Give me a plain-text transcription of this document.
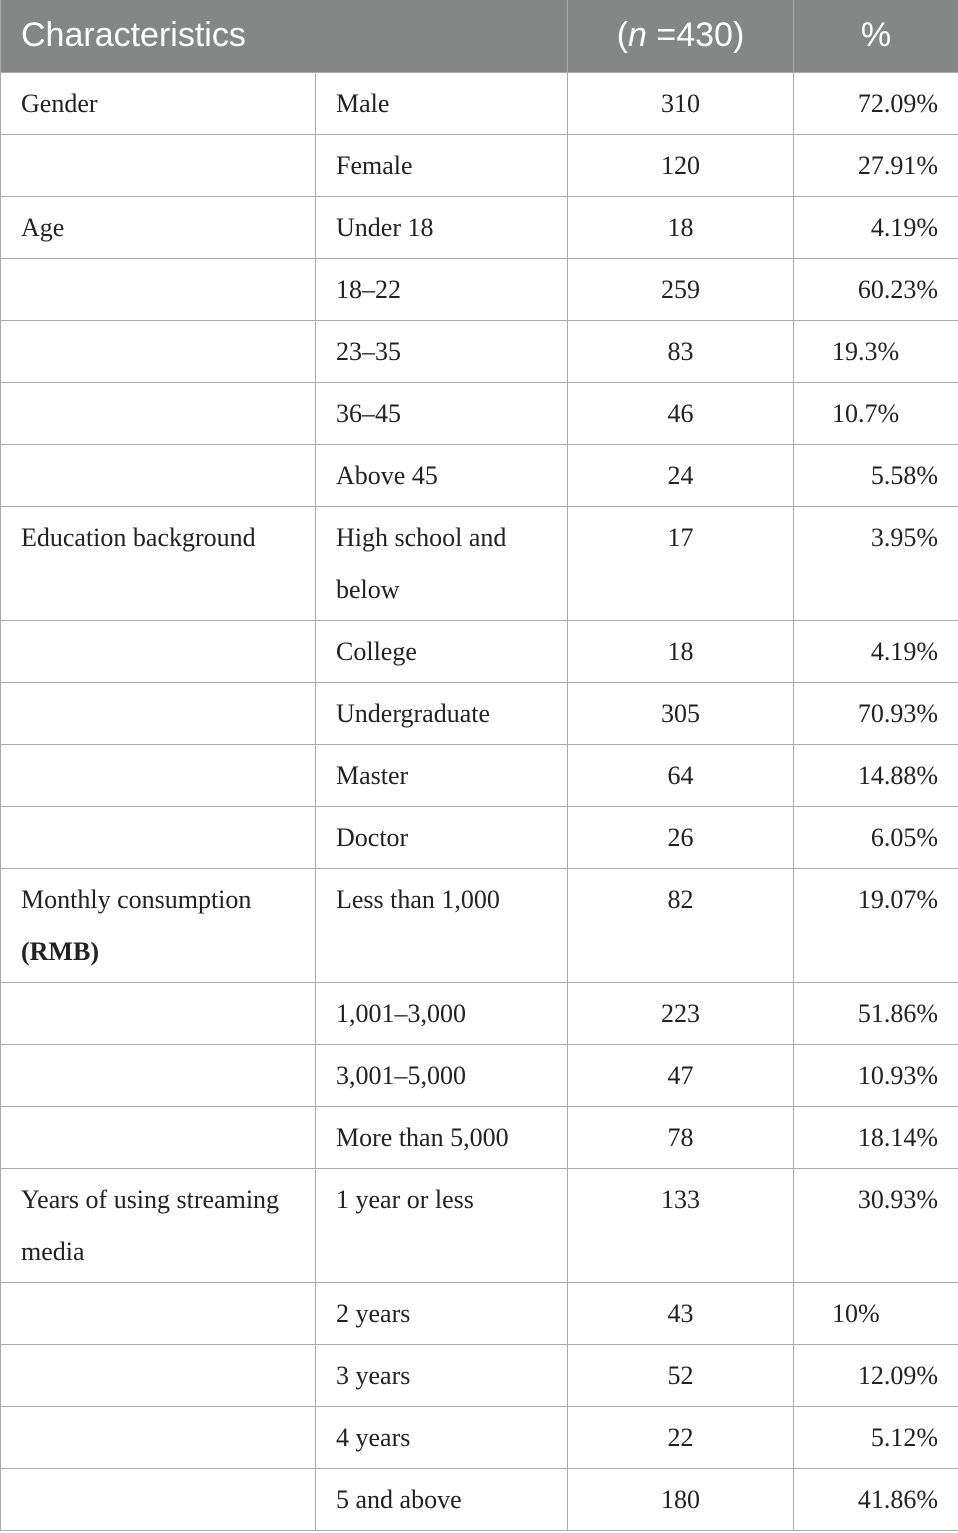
Characteristics		(n =430)	%
Gender	Male	310	72.09%
	Female	120	27.91%
Age	Under 18	18	4.19%
	18–22	259	60.23%
	23–35	83	19.3%
	36–45	46	10.7%
	Above 45	24	5.58%
Education background	High school and below	17	3.95%
	College	18	4.19%
	Undergraduate	305	70.93%
	Master	64	14.88%
	Doctor	26	6.05%
Monthly consumption (RMB)	Less than 1,000	82	19.07%
	1,001–3,000	223	51.86%
	3,001–5,000	47	10.93%
	More than 5,000	78	18.14%
Years of using streaming media	1 year or less	133	30.93%
	2 years	43	10%
	3 years	52	12.09%
	4 years	22	5.12%
	5 and above	180	41.86%
